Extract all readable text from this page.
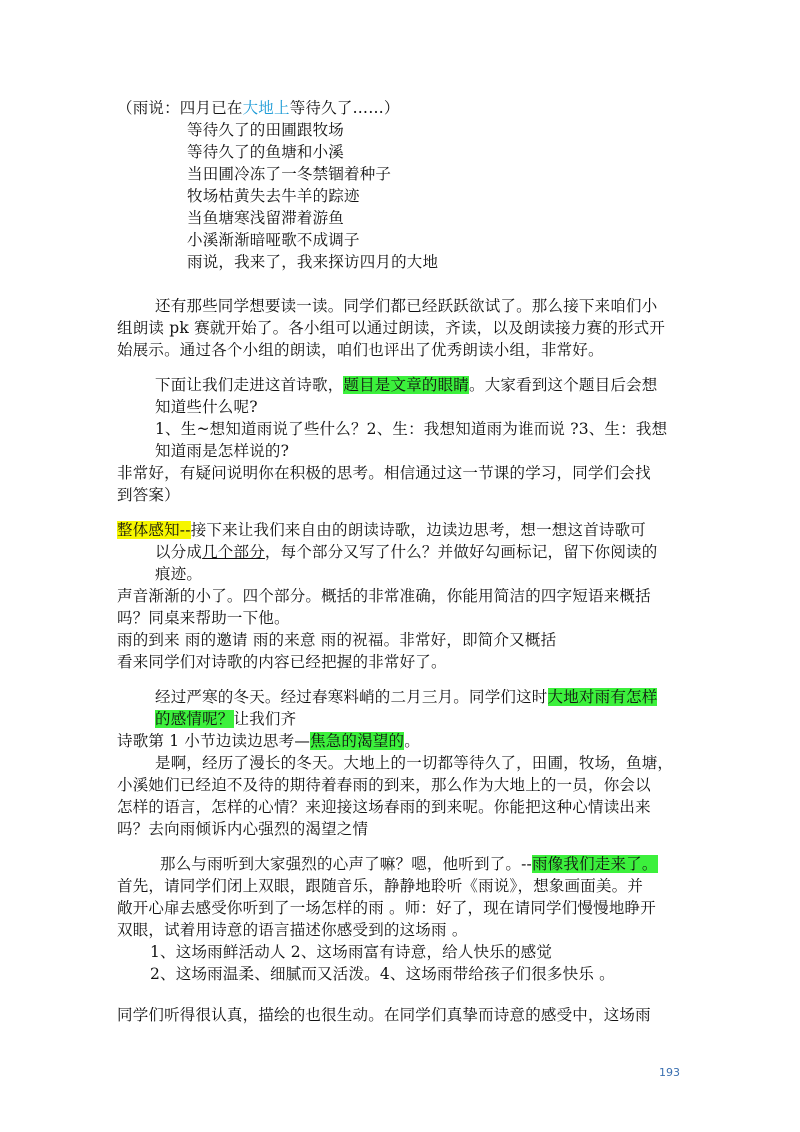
（雨说：四月已在大地上等待久了……）
等待久了的田圃跟牧场
等待久了的鱼塘和小溪
当田圃冷冻了一冬禁锢着种子
牧场枯黄失去牛羊的踪迹
当鱼塘寒浅留滞着游鱼
小溪渐渐暗哑歌不成调子
雨说，我来了，我来探访四月的大地
还有那些同学想要读一读。同学们都已经跃跃欲试了。那么接下来咱们小
组朗读 pk 赛就开始了。各小组可以通过朗读，齐读，以及朗读接力赛的形式开
始展示。通过各个小组的朗读，咱们也评出了优秀朗读小组，非常好。
下面让我们走进这首诗歌，题目是文章的眼睛。大家看到这个题目后会想
知道些什么呢?
1、生~想知道雨说了些什么？2、生：我想知道雨为谁而说 ?3、生：我想
知道雨是怎样说的?
非常好，有疑问说明你在积极的思考。相信通过这一节课的学习，同学们会找
到答案）
整体感知--接下来让我们来自由的朗读诗歌，边读边思考，想一想这首诗歌可
以分成几个部分，每个部分又写了什么？并做好勾画标记，留下你阅读的
痕迹。
声音渐渐的小了。四个部分。概括的非常准确，你能用简洁的四字短语来概括
吗？同桌来帮助一下他。
雨的到来 雨的邀请 雨的来意 雨的祝福。非常好，即简介又概括
看来同学们对诗歌的内容已经把握的非常好了。
经过严寒的冬天。经过春寒料峭的二月三月。同学们这时大地对雨有怎样
的感情呢？让我们齐
诗歌第 1 小节边读边思考—焦急的渴望的。
是啊，经历了漫长的冬天。大地上的一切都等待久了，田圃，牧场，鱼塘，
小溪她们已经迫不及待的期待着春雨的到来，那么作为大地上的一员，你会以
怎样的语言，怎样的心情？来迎接这场春雨的到来呢。你能把这种心情读出来
吗？去向雨倾诉内心强烈的渴望之情
那么与雨听到大家强烈的心声了嘛？嗯，他听到了。--雨像我们走来了。
首先，请同学们闭上双眼，跟随音乐，静静地聆听《雨说》，想象画面美。并
敞开心扉去感受你听到了一场怎样的雨 。师：好了，现在请同学们慢慢地睁开
双眼，试着用诗意的语言描述你感受到的这场雨 。
1、这场雨鲜活动人 2、这场雨富有诗意，给人快乐的感觉
2、这场雨温柔、细腻而又活泼。4、这场雨带给孩子们很多快乐 。
同学们听得很认真，描绘的也很生动。在同学们真挚而诗意的感受中，这场雨
193
